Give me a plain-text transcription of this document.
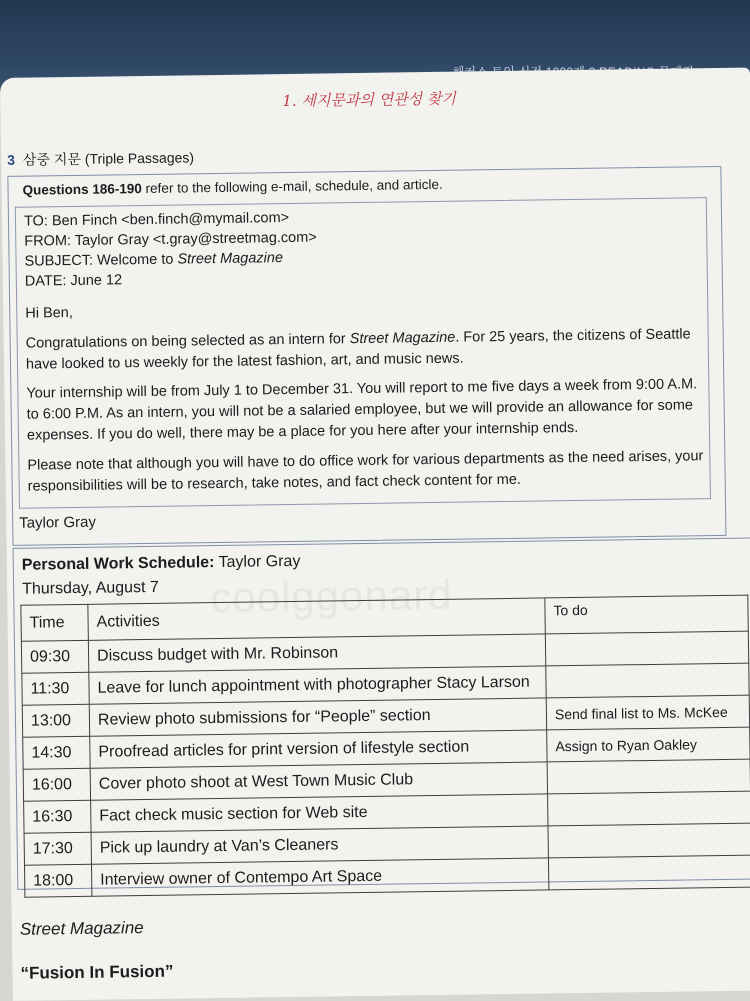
1. 세지문과의 연관성 찾기
3 삼중 지문 (Triple Passages)
Questions 186-190 refer to the following e-mail, schedule, and article.
TO: Ben Finch <ben.finch@mymail.com>
FROM: Taylor Gray <t.gray@streetmag.com>
SUBJECT: Welcome to Street Magazine
DATE: June 12
Hi Ben,
Congratulations on being selected as an intern for Street Magazine. For 25 years, the citizens of Seattle have looked to us weekly for the latest fashion, art, and music news.
Your internship will be from July 1 to December 31. You will report to me five days a week from 9:00 A.M. to 6:00 P.M. As an intern, you will not be a salaried employee, but we will provide an allowance for some expenses. If you do well, there may be a place for you here after your internship ends.
Please note that although you will have to do office work for various departments as the need arises, your responsibilities will be to research, take notes, and fact check content for me.
Taylor Gray
coolggonard
Personal Work Schedule: Taylor Gray
Thursday, August 7
Time	Activities	To do
09:30	Discuss budget with Mr. Robinson	
11:30	Leave for lunch appointment with photographer Stacy Larson	
13:00	Review photo submissions for “People” section	Send final list to Ms. McKee
14:30	Proofread articles for print version of lifestyle section	Assign to Ryan Oakley
16:00	Cover photo shoot at West Town Music Club	
16:30	Fact check music section for Web site	
17:30	Pick up laundry at Van’s Cleaners	
18:00	Interview owner of Contempo Art Space	
Street Magazine
“Fusion In Fusion”
